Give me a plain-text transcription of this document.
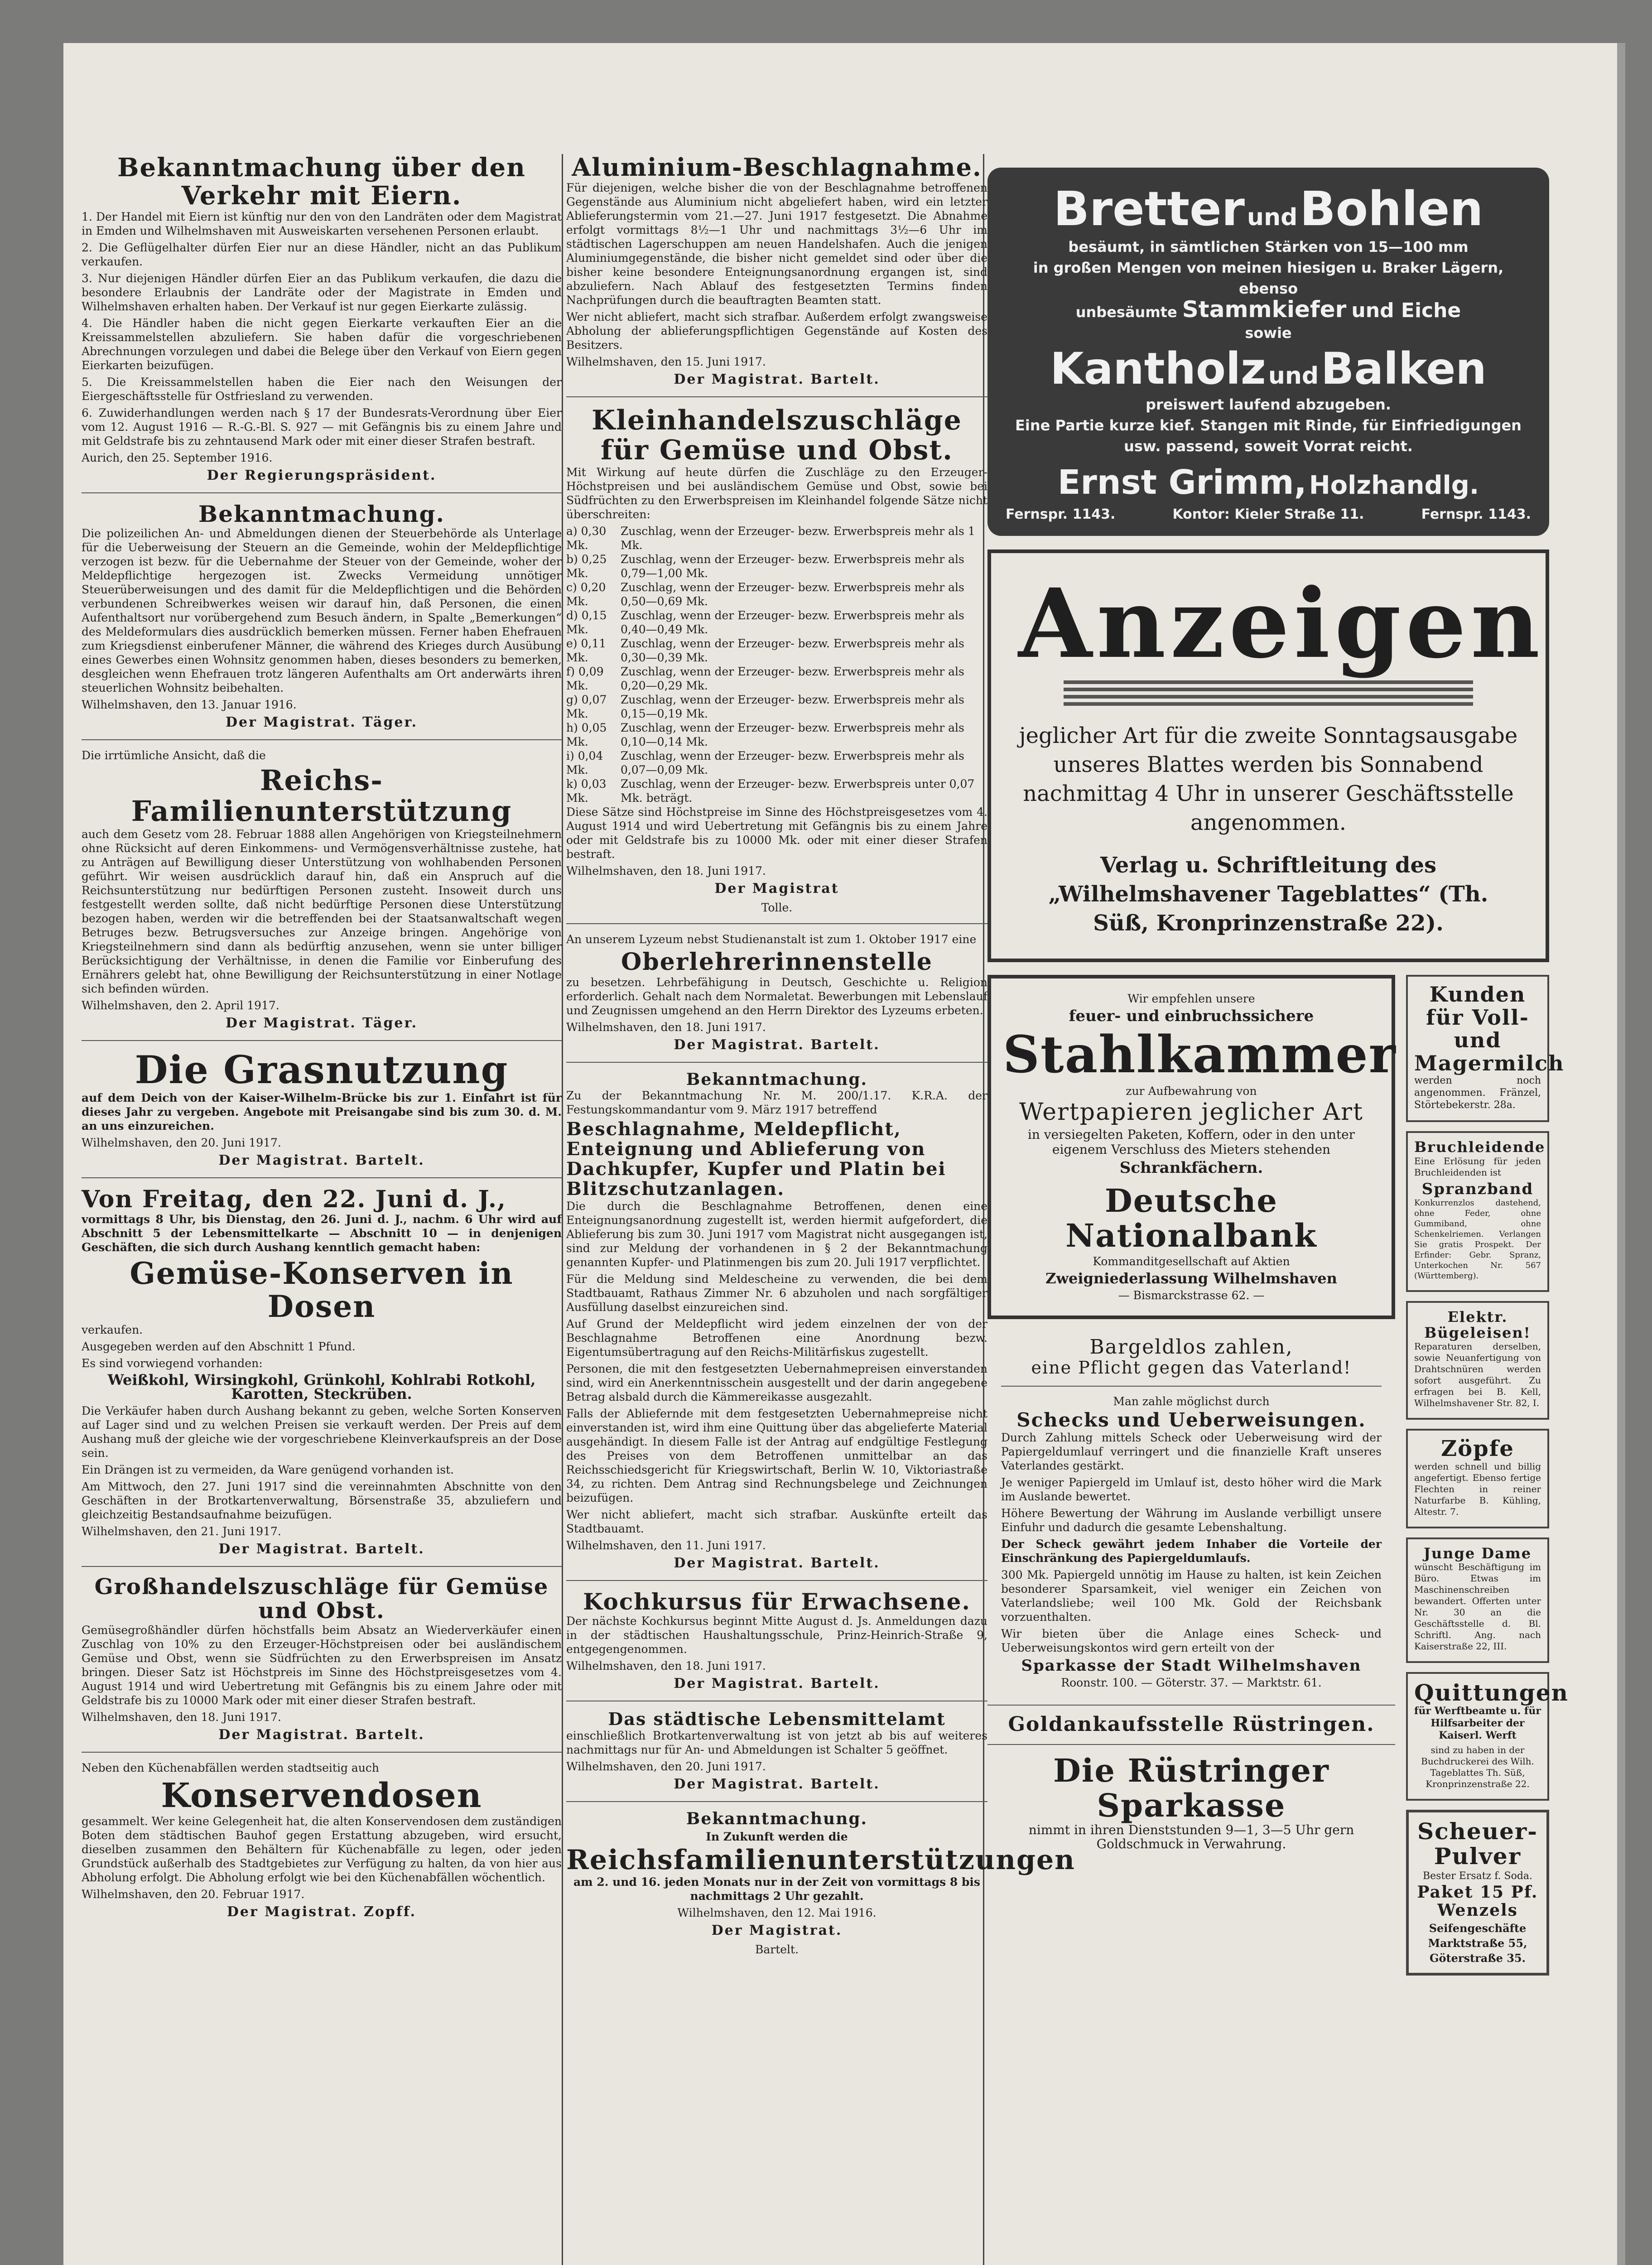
Bekanntmachung über den Verkehr mit Eiern.

1. Der Handel mit Eiern ist künftig nur den von den Landräten oder dem Magistrat in Emden und Wilhelmshaven mit Ausweiskarten versehenen Personen erlaubt.

2. Die Geflügelhalter dürfen Eier nur an diese Händler, nicht an das Publikum verkaufen.

3. Nur diejenigen Händler dürfen Eier an das Publikum verkaufen, die dazu die besondere Erlaubnis der Landräte oder der Magistrate in Emden und Wilhelmshaven erhalten haben. Der Verkauf ist nur gegen Eierkarte zulässig.

4. Die Händler haben die nicht gegen Eierkarte verkauften Eier an die Kreissammelstellen abzuliefern. Sie haben dafür die vorgeschriebenen Abrechnungen vorzulegen und dabei die Belege über den Verkauf von Eiern gegen Eierkarten beizufügen.

5. Die Kreissammelstellen haben die Eier nach den Weisungen der Eiergeschäftsstelle für Ostfriesland zu verwenden.

6. Zuwiderhandlungen werden nach § 17 der Bundesrats-Verordnung über Eier vom 12. August 1916 — R.-G.-Bl. S. 927 — mit Gefängnis bis zu einem Jahre und mit Geldstrafe bis zu zehntausend Mark oder mit einer dieser Strafen bestraft.

Aurich, den 25. September 1916.

Der Regierungspräsident.
Bekanntmachung.

Die polizeilichen An- und Abmeldungen dienen der Steuerbehörde als Unterlage für die Ueberweisung der Steuern an die Gemeinde, wohin der Meldepflichtige verzogen ist bezw. für die Uebernahme der Steuer von der Gemeinde, woher der Meldepflichtige hergezogen ist. Zwecks Vermeidung unnötiger Steuerüberweisungen und des damit für die Meldepflichtigen und die Behörden verbundenen Schreibwerkes weisen wir darauf hin, daß Personen, die einen Aufenthaltsort nur vorübergehend zum Besuch ändern, in Spalte „Bemerkungen“ des Meldeformulars dies ausdrücklich bemerken müssen. Ferner haben Ehefrauen zum Kriegsdienst einberufener Männer, die während des Krieges durch Ausübung eines Gewerbes einen Wohnsitz genommen haben, dieses besonders zu bemerken, desgleichen wenn Ehefrauen trotz längeren Aufenthalts am Ort anderwärts ihren steuerlichen Wohnsitz beibehalten.

Wilhelmshaven, den 13. Januar 1916.

Der Magistrat. Täger.

Die irrtümliche Ansicht, daß die

Reichs-Familienunterstützung

auch dem Gesetz vom 28. Februar 1888 allen Angehörigen von Kriegsteilnehmern ohne Rücksicht auf deren Einkommens- und Vermögensverhältnisse zustehe, hat zu Anträgen auf Bewilligung dieser Unterstützung von wohlhabenden Personen geführt. Wir weisen ausdrücklich darauf hin, daß ein Anspruch auf die Reichsunterstützung nur bedürftigen Personen zusteht. Insoweit durch uns festgestellt werden sollte, daß nicht bedürftige Personen diese Unterstützung bezogen haben, werden wir die betreffenden bei der Staatsanwaltschaft wegen Betruges bezw. Betrugsversuches zur Anzeige bringen. Angehörige von Kriegsteilnehmern sind dann als bedürftig anzusehen, wenn sie unter billiger Berücksichtigung der Verhältnisse, in denen die Familie vor Einberufung des Ernährers gelebt hat, ohne Bewilligung der Reichsunterstützung in einer Notlage sich befinden würden.

Wilhelmshaven, den 2. April 1917.

Der Magistrat. Täger.
Die Grasnutzung

auf dem Deich von der Kaiser-Wilhelm-Brücke bis zur 1. Einfahrt ist für dieses Jahr zu vergeben. Angebote mit Preisangabe sind bis zum 30. d. M. an uns einzureichen.

Wilhelmshaven, den 20. Juni 1917.

Der Magistrat. Bartelt.
Von Freitag, den 22. Juni d. J.,

vormittags 8 Uhr, bis Dienstag, den 26. Juni d. J., nachm. 6 Uhr wird auf Abschnitt 5 der Lebensmittelkarte — Abschnitt 10 — in denjenigen Geschäften, die sich durch Aushang kenntlich gemacht haben:

Gemüse-Konserven in Dosen

verkaufen.

Ausgegeben werden auf den Abschnitt 1 Pfund.

Es sind vorwiegend vorhanden:

Weißkohl, Wirsingkohl, Grünkohl, Kohlrabi Rotkohl, Karotten, Steckrüben.

Die Verkäufer haben durch Aushang bekannt zu geben, welche Sorten Konserven auf Lager sind und zu welchen Preisen sie verkauft werden. Der Preis auf dem Aushang muß der gleiche wie der vorgeschriebene Kleinverkaufspreis an der Dose sein.

Ein Drängen ist zu vermeiden, da Ware genügend vorhanden ist.

Am Mittwoch, den 27. Juni 1917 sind die vereinnahmten Abschnitte von den Geschäften in der Brotkartenverwaltung, Börsenstraße 35, abzuliefern und gleichzeitig Bestandsaufnahme beizufügen.

Wilhelmshaven, den 21. Juni 1917.

Der Magistrat. Bartelt.
Großhandelszuschläge für Gemüse und Obst.

Gemüsegroßhändler dürfen höchstfalls beim Absatz an Wiederverkäufer einen Zuschlag von 10% zu den Erzeuger-Höchstpreisen oder bei ausländischem Gemüse und Obst, wenn sie Südfrüchten zu den Erwerbspreisen im Ansatz bringen. Dieser Satz ist Höchstpreis im Sinne des Höchstpreisgesetzes vom 4. August 1914 und wird Uebertretung mit Gefängnis bis zu einem Jahre oder mit Geldstrafe bis zu 10000 Mark oder mit einer dieser Strafen bestraft.

Wilhelmshaven, den 18. Juni 1917.

Der Magistrat. Bartelt.

Neben den Küchenabfällen werden stadtseitig auch

Konservendosen

gesammelt. Wer keine Gelegenheit hat, die alten Konservendosen dem zuständigen Boten dem städtischen Bauhof gegen Erstattung abzugeben, wird ersucht, dieselben zusammen den Behältern für Küchenabfälle zu legen, oder jeden Grundstück außerhalb des Stadtgebietes zur Verfügung zu halten, da von hier aus Abholung erfolgt. Die Abholung erfolgt wie bei den Küchenabfällen wöchentlich.

Wilhelmshaven, den 20. Februar 1917.

Der Magistrat. Zopff.
Aluminium-Beschlagnahme.

Für diejenigen, welche bisher die von der Beschlagnahme betroffenen Gegenstände aus Aluminium nicht abgeliefert haben, wird ein letzter Ablieferungstermin vom 21.—27. Juni 1917 festgesetzt. Die Abnahme erfolgt vormittags 8½—1 Uhr und nachmittags 3½—6 Uhr im städtischen Lagerschuppen am neuen Handelshafen. Auch die jenigen Aluminiumgegenstände, die bisher nicht gemeldet sind oder über die bisher keine besondere Enteignungsanordnung ergangen ist, sind abzuliefern. Nach Ablauf des festgesetzten Termins finden Nachprüfungen durch die beauftragten Beamten statt.

Wer nicht abliefert, macht sich strafbar. Außerdem erfolgt zwangsweise Abholung der ablieferungspflichtigen Gegenstände auf Kosten des Besitzers.

Wilhelmshaven, den 15. Juni 1917.

Der Magistrat. Bartelt.
Kleinhandelszuschläge für Gemüse und Obst.

Mit Wirkung auf heute dürfen die Zuschläge zu den Erzeuger-Höchstpreisen und bei ausländischem Gemüse und Obst, sowie bei Südfrüchten zu den Erwerbspreisen im Kleinhandel folgende Sätze nicht überschreiten:

a) 0,30 Mk.
Zuschlag, wenn der Erzeuger- bezw. Erwerbspreis mehr als 1 Mk.
b) 0,25 Mk.
Zuschlag, wenn der Erzeuger- bezw. Erwerbspreis mehr als 0,79—1,00 Mk.
c) 0,20 Mk.
Zuschlag, wenn der Erzeuger- bezw. Erwerbspreis mehr als 0,50—0,69 Mk.
d) 0,15 Mk.
Zuschlag, wenn der Erzeuger- bezw. Erwerbspreis mehr als 0,40—0,49 Mk.
e) 0,11 Mk.
Zuschlag, wenn der Erzeuger- bezw. Erwerbspreis mehr als 0,30—0,39 Mk.
f) 0,09 Mk.
Zuschlag, wenn der Erzeuger- bezw. Erwerbspreis mehr als 0,20—0,29 Mk.
g) 0,07 Mk.
Zuschlag, wenn der Erzeuger- bezw. Erwerbspreis mehr als 0,15—0,19 Mk.
h) 0,05 Mk.
Zuschlag, wenn der Erzeuger- bezw. Erwerbspreis mehr als 0,10—0,14 Mk.
i) 0,04 Mk.
Zuschlag, wenn der Erzeuger- bezw. Erwerbspreis mehr als 0,07—0,09 Mk.
k) 0,03 Mk.
Zuschlag, wenn der Erzeuger- bezw. Erwerbspreis unter 0,07 Mk. beträgt.

Diese Sätze sind Höchstpreise im Sinne des Höchstpreisgesetzes vom 4. August 1914 und wird Uebertretung mit Gefängnis bis zu einem Jahre oder mit Geldstrafe bis zu 10000 Mk. oder mit einer dieser Strafen bestraft.

Wilhelmshaven, den 18. Juni 1917.

Der Magistrat
Tolle.

An unserem Lyzeum nebst Studienanstalt ist zum 1. Oktober 1917 eine

Oberlehrerinnenstelle

zu besetzen. Lehrbefähigung in Deutsch, Geschichte u. Religion erforderlich. Gehalt nach dem Normaletat. Bewerbungen mit Lebenslauf und Zeugnissen umgehend an den Herrn Direktor des Lyzeums erbeten.

Wilhelmshaven, den 18. Juni 1917.

Der Magistrat. Bartelt.
Bekanntmachung.

Zu der Bekanntmachung Nr. M. 200/1.17. K.R.A. der Festungskommandantur vom 9. März 1917 betreffend

Beschlagnahme, Meldepflicht, Enteignung und Ablieferung von Dachkupfer, Kupfer und Platin bei Blitzschutzanlagen.

Die durch die Beschlagnahme Betroffenen, denen eine Enteignungsanordnung zugestellt ist, werden hiermit aufgefordert, die Ablieferung bis zum 30. Juni 1917 vom Magistrat nicht ausgegangen ist, sind zur Meldung der vorhandenen in § 2 der Bekanntmachung genannten Kupfer- und Platinmengen bis zum 20. Juli 1917 verpflichtet.

Für die Meldung sind Meldescheine zu verwenden, die bei dem Stadtbauamt, Rathaus Zimmer Nr. 6 abzuholen und nach sorgfältiger Ausfüllung daselbst einzureichen sind.

Auf Grund der Meldepflicht wird jedem einzelnen der von der Beschlagnahme Betroffenen eine Anordnung bezw. Eigentumsübertragung auf den Reichs-Militärfiskus zugestellt.

Personen, die mit den festgesetzten Uebernahmepreisen einverstanden sind, wird ein Anerkenntnisschein ausgestellt und der darin angegebene Betrag alsbald durch die Kämmereikasse ausgezahlt.

Falls der Abliefernde mit dem festgesetzten Uebernahmepreise nicht einverstanden ist, wird ihm eine Quittung über das abgelieferte Material ausgehändigt. In diesem Falle ist der Antrag auf endgültige Festlegung des Preises von dem Betroffenen unmittelbar an das Reichsschiedsgericht für Kriegswirtschaft, Berlin W. 10, Viktoriastraße 34, zu richten. Dem Antrag sind Rechnungsbelege und Zeichnungen beizufügen.

Wer nicht abliefert, macht sich strafbar. Auskünfte erteilt das Stadtbauamt.

Wilhelmshaven, den 11. Juni 1917.

Der Magistrat. Bartelt.
Kochkursus für Erwachsene.

Der nächste Kochkursus beginnt Mitte August d. Js. Anmeldungen dazu in der städtischen Haushaltungsschule, Prinz-Heinrich-Straße 9, entgegengenommen.

Wilhelmshaven, den 18. Juni 1917.

Der Magistrat. Bartelt.
Das städtische Lebensmittelamt

einschließlich Brotkartenverwaltung ist von jetzt ab bis auf weiteres nachmittags nur für An- und Abmeldungen ist Schalter 5 geöffnet.

Wilhelmshaven, den 20. Juni 1917.

Der Magistrat. Bartelt.
Bekanntmachung.
In Zukunft werden die
Reichsfamilienunterstützungen

am 2. und 16. jeden Monats nur in der Zeit von vormittags 8 bis nachmittags 2 Uhr gezahlt.

Wilhelmshaven, den 12. Mai 1916.

Der Magistrat.
Bartelt.
Bretter und Bohlen
besäumt, in sämtlichen Stärken von 15—100 mm
in großen Mengen von meinen hiesigen u. Braker Lägern,
ebenso
unbesäumte Stammkiefer und Eiche
sowie
Kantholz und Balken
preiswert laufend abzugeben.
Eine Partie kurze kief. Stangen mit Rinde, für Einfriedigungen usw. passend, soweit Vorrat reicht.
Ernst Grimm, Holzhandlg.
Fernspr. 1143.	Kontor: Kieler Straße 11.	Fernspr. 1143.
Anzeigen

jeglicher Art für die zweite Sonntagsausgabe unseres Blattes werden bis Sonnabend nachmittag 4 Uhr in unserer Geschäftsstelle angenommen.

Verlag u. Schriftleitung des „Wilhelmshavener Tageblattes“ (Th. Süß, Kronprinzenstraße 22).

Wir empfehlen unsere
feuer- und einbruchssichere
Stahlkammer
zur Aufbewahrung von
Wertpapieren jeglicher Art
in versiegelten Paketen, Koffern, oder in den unter eigenem Verschluss des Mieters stehenden
Schrankfächern.
Deutsche Nationalbank
Kommanditgesellschaft auf Aktien
Zweigniederlassung Wilhelmshaven
— Bismarckstrasse 62. —
Bargeldlos zahlen,
eine Pflicht gegen das Vaterland!
Man zahle möglichst durch
Schecks und Ueberweisungen.

Durch Zahlung mittels Scheck oder Ueberweisung wird der Papiergeldumlauf verringert und die finanzielle Kraft unseres Vaterlandes gestärkt.

Je weniger Papiergeld im Umlauf ist, desto höher wird die Mark im Auslande bewertet.

Höhere Bewertung der Währung im Auslande verbilligt unsere Einfuhr und dadurch die gesamte Lebenshaltung.

Der Scheck gewährt jedem Inhaber die Vorteile der Einschränkung des Papiergeldumlaufs.

300 Mk. Papiergeld unnötig im Hause zu halten, ist kein Zeichen besonderer Sparsamkeit, viel weniger ein Zeichen von Vaterlandsliebe; weil 100 Mk. Gold der Reichsbank vorzuenthalten.

Wir bieten über die Anlage eines Scheck- und Ueberweisungskontos wird gern erteilt von der

Sparkasse der Stadt Wilhelmshaven
Roonstr. 100. — Göterstr. 37. — Marktstr. 61.
Goldankaufsstelle Rüstringen.
Die Rüstringer Sparkasse

nimmt in ihren Dienststunden 9—1, 3—5 Uhr gern Goldschmuck in Verwahrung.

Kunden für Voll- und Magermilch

werden noch angenommen. Fränzel, Störtebekerstr. 28a.

Bruchleidende

Eine Erlösung für jeden Bruchleidenden ist

Spranzband

Konkurrenzlos dastehend, ohne Feder, ohne Gummiband, ohne Schenkelriemen. Verlangen Sie gratis Prospekt. Der Erfinder: Gebr. Spranz, Unterkochen Nr. 567 (Württemberg).

Elektr. Bügeleisen!

Reparaturen derselben, sowie Neuanfertigung von Drahtschnüren werden sofort ausgeführt. Zu erfragen bei B. Kell, Wilhelmshavener Str. 82, I.

Zöpfe

werden schnell und billig angefertigt. Ebenso fertige Flechten in reiner Naturfarbe B. Kühling, Altestr. 7.

Junge Dame

wünscht Beschäftigung im Büro. Etwas im Maschinenschreiben bewandert. Offerten unter Nr. 30 an die Geschäftsstelle d. Bl. Schriftl. Ang. nach Kaiserstraße 22, III.

Quittungen

für Werftbeamte u. für Hilfsarbeiter der Kaiserl. Werft

sind zu haben in der Buchdruckerei des Wilh. Tageblattes Th. Süß, Kronprinzenstraße 22.

Scheuer-Pulver
Bester Ersatz f. Soda.
Paket 15 Pf.
Wenzels
Seifengeschäfte
Marktstraße 55,
Göterstraße 35.
